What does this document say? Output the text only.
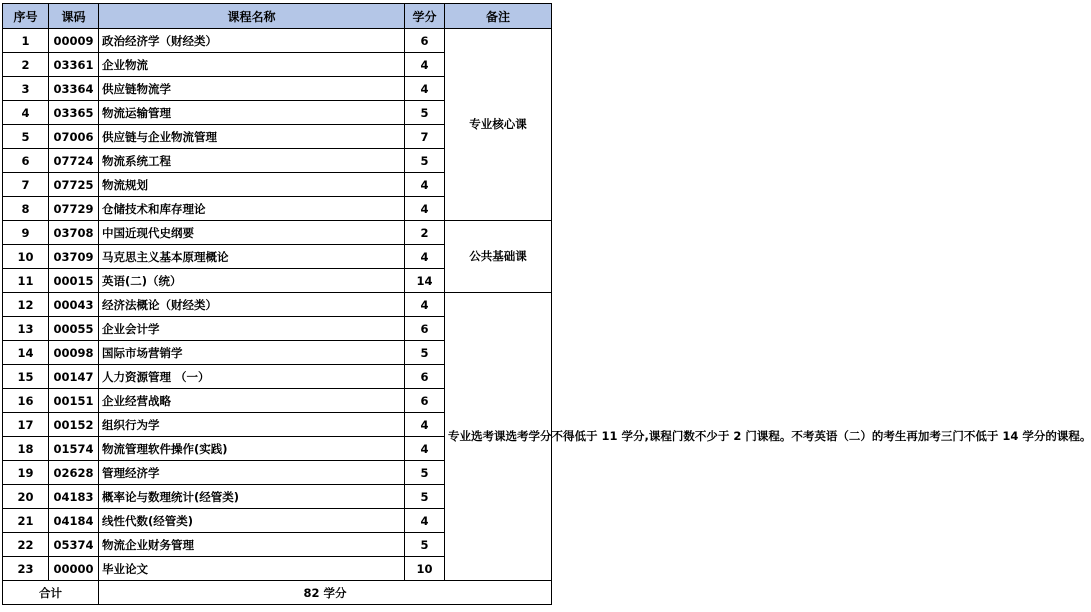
序号	课码	课程名称	学分	备注	
1	00009	政治经济学（财经类）	6	专业核心课	
2	03361	企业物流	4		
3	03364	供应链物流学	4		
4	03365	物流运输管理	5		
5	07006	供应链与企业物流管理	7		
6	07724	物流系统工程	5		
7	07725	物流规划	4		
8	07729	仓储技术和库存理论	4		
9	03708	中国近现代史纲要	2	公共基础课	
10	03709	马克思主义基本原理概论	4		
11	00015	英语(二)（统）	14		
12	00043	经济法概论（财经类）	4	专业选考课选考学分不得低于 11 学分,课程门数不少于 2 门课程。不考英语（二）的考生再加考三门不低于 14 学分的课程。	
13	00055	企业会计学	6		
14	00098	国际市场营销学	5		
15	00147	人力资源管理 （一）	6		
16	00151	企业经营战略	6		
17	00152	组织行为学	4		
18	01574	物流管理软件操作(实践)	4		
19	02628	管理经济学	5		
20	04183	概率论与数理统计(经管类)	5		
21	04184	线性代数(经管类)	4		
22	05374	物流企业财务管理	5		
23	00000	毕业论文	10		
合计		82 学分			
